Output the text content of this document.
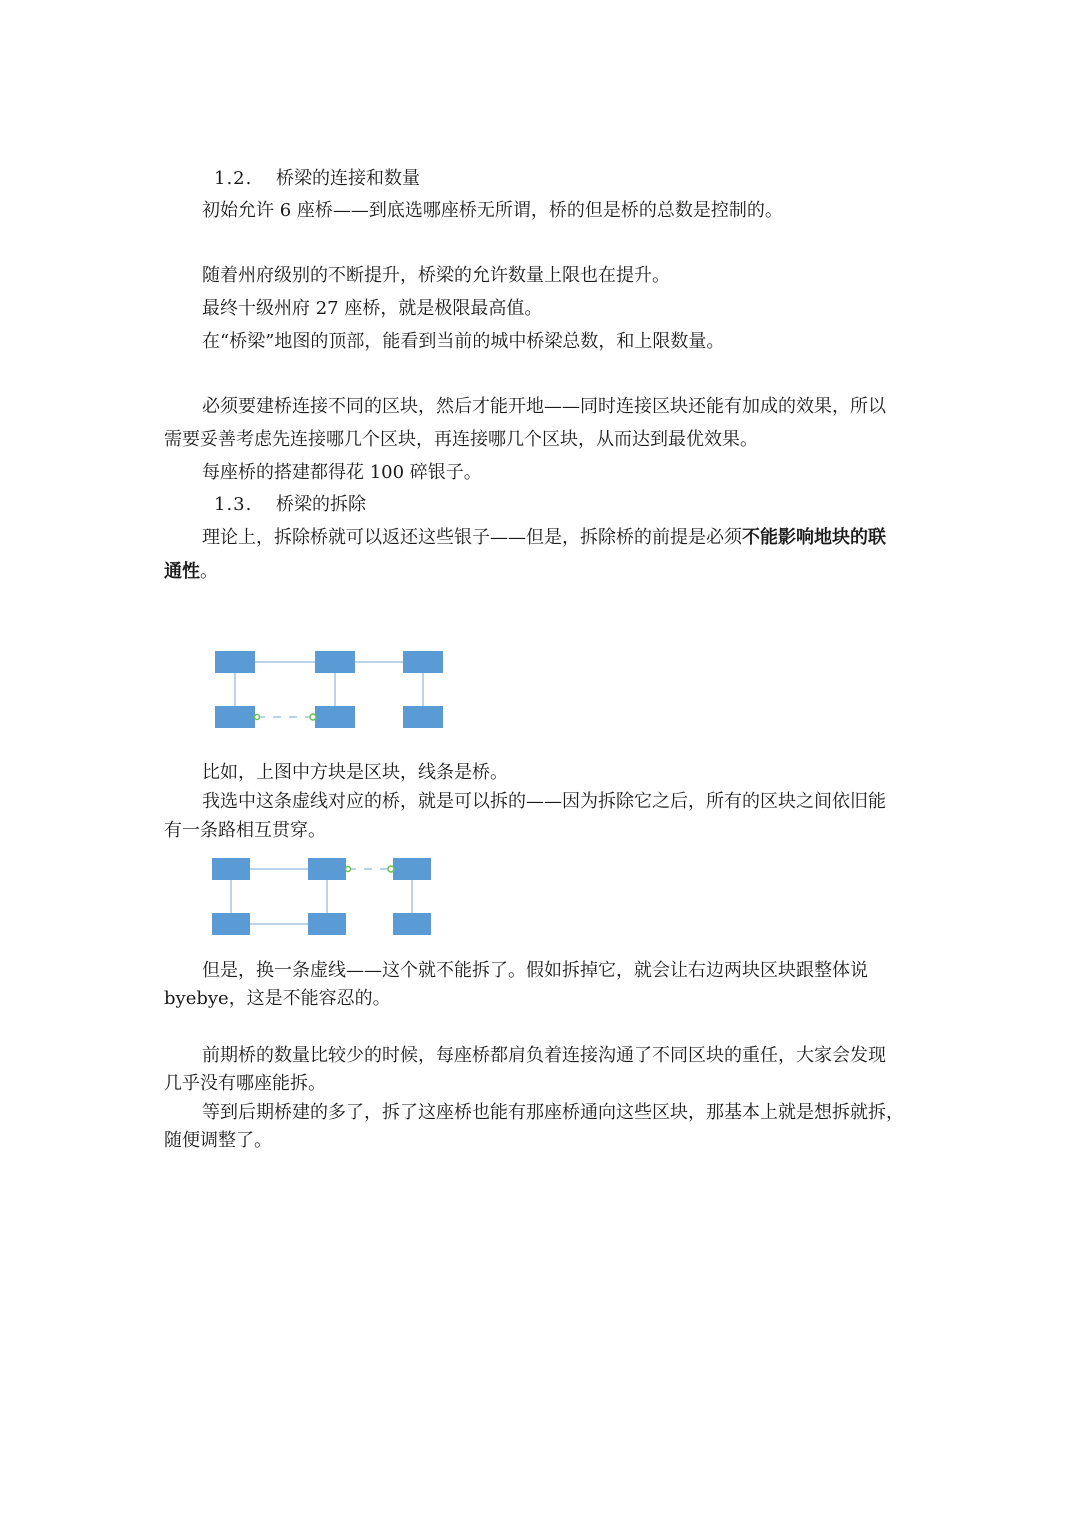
1.2. 桥梁的连接和数量

初始允许 6 座桥——到底选哪座桥无所谓，桥的但是桥的总数是控制的。

随着州府级别的不断提升，桥梁的允许数量上限也在提升。

最终十级州府 27 座桥，就是极限最高值。

在“桥梁”地图的顶部，能看到当前的城中桥梁总数，和上限数量。

必须要建桥连接不同的区块，然后才能开地——同时连接区块还能有加成的效果，所以

需要妥善考虑先连接哪几个区块，再连接哪几个区块，从而达到最优效果。

每座桥的搭建都得花 100 碎银子。

1.3. 桥梁的拆除

理论上，拆除桥就可以返还这些银子——但是，拆除桥的前提是必须不能影响地块的联

通性。

比如，上图中方块是区块，线条是桥。

我选中这条虚线对应的桥，就是可以拆的——因为拆除它之后，所有的区块之间依旧能

有一条路相互贯穿。

但是，换一条虚线——这个就不能拆了。假如拆掉它，就会让右边两块区块跟整体说

byebye，这是不能容忍的。

前期桥的数量比较少的时候，每座桥都肩负着连接沟通了不同区块的重任，大家会发现

几乎没有哪座能拆。

等到后期桥建的多了，拆了这座桥也能有那座桥通向这些区块，那基本上就是想拆就拆，

随便调整了。
